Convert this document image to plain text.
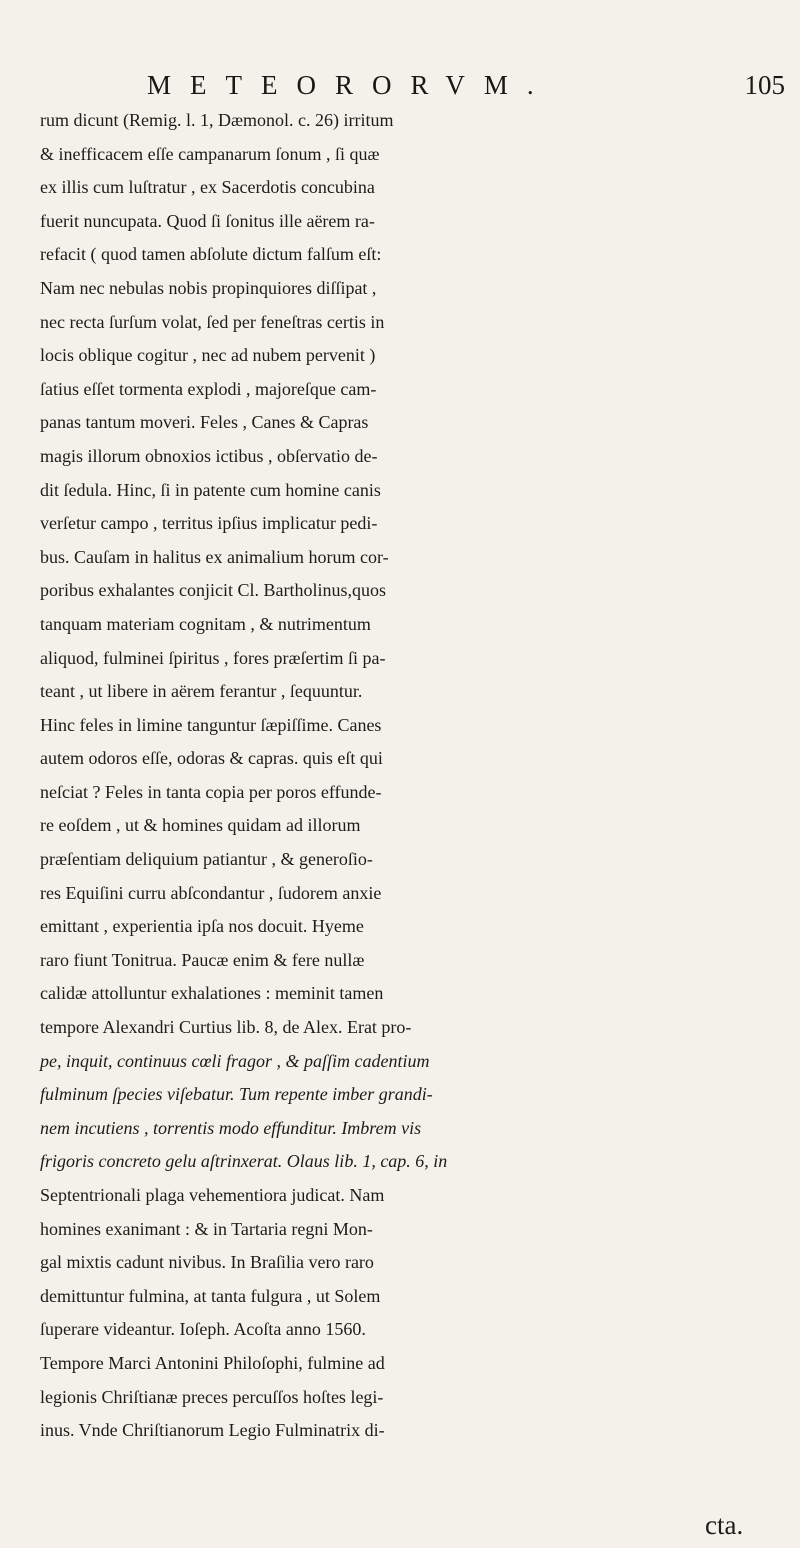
METEORORVM.	105
rum dicunt (Remig. l. 1, Dæmonol. c. 26) irritum
& inefficacem eſſe campanarum ſonum , ſi quæ
ex illis cum luſtratur , ex Sacerdotis concubina
fuerit nuncupata. Quod ſi ſonitus ille aërem ra-
refacit ( quod tamen abſolute dictum falſum eſt:
Nam nec nebulas nobis propinquiores diſſipat ,
nec recta ſurſum volat, ſed per feneſtras certis in
locis oblique cogitur , nec ad nubem pervenit )
ſatius eſſet tormenta explodi , majoreſque cam-
panas tantum moveri. Feles , Canes & Capras
magis illorum obnoxios ictibus , obſervatio de-
dit ſedula. Hinc, ſi in patente cum homine canis
verſetur campo , territus ipſius implicatur pedi-
bus. Cauſam in halitus ex animalium horum cor-
poribus exhalantes conjicit Cl. Bartholinus,quos
tanquam materiam cognitam , & nutrimentum
aliquod, fulminei ſpiritus , fores præſertim ſi pa-
teant , ut libere in aërem ferantur , ſequuntur.
Hinc feles in limine tanguntur ſæpiſſime. Canes
autem odoros eſſe, odoras & capras. quis eſt qui
neſciat ? Feles in tanta copia per poros effunde-
re eoſdem , ut & homines quidam ad illorum
præſentiam deliquium patiantur , & generoſio-
res Equiſini curru abſcondantur , ſudorem anxie
emittant , experientia ipſa nos docuit. Hyeme
raro fiunt Tonitrua. Paucæ enim & fere nullæ
calidæ attolluntur exhalationes : meminit tamen
tempore Alexandri Curtius lib. 8, de Alex. Erat pro-
pe, inquit, continuus cœli fragor , & paſſim cadentium
fulminum ſpecies viſebatur. Tum repente imber grandi-
nem incutiens , torrentis modo effunditur. Imbrem vis
frigoris concreto gelu aſtrinxerat. Olaus lib. 1, cap. 6, in
Septentrionali plaga vehementiora judicat. Nam
homines exanimant : & in Tartaria regni Mon-
gal mixtis cadunt nivibus. In Braſilia vero raro
demittuntur fulmina, at tanta fulgura , ut Solem
ſuperare videantur. Ioſeph. Acoſta anno 1560.
Tempore Marci Antonini Philoſophi, fulmine ad
legionis Chriſtianæ preces percuſſos hoſtes legi-
inus. Vnde Chriſtianorum Legio Fulminatrix di-
cta.
